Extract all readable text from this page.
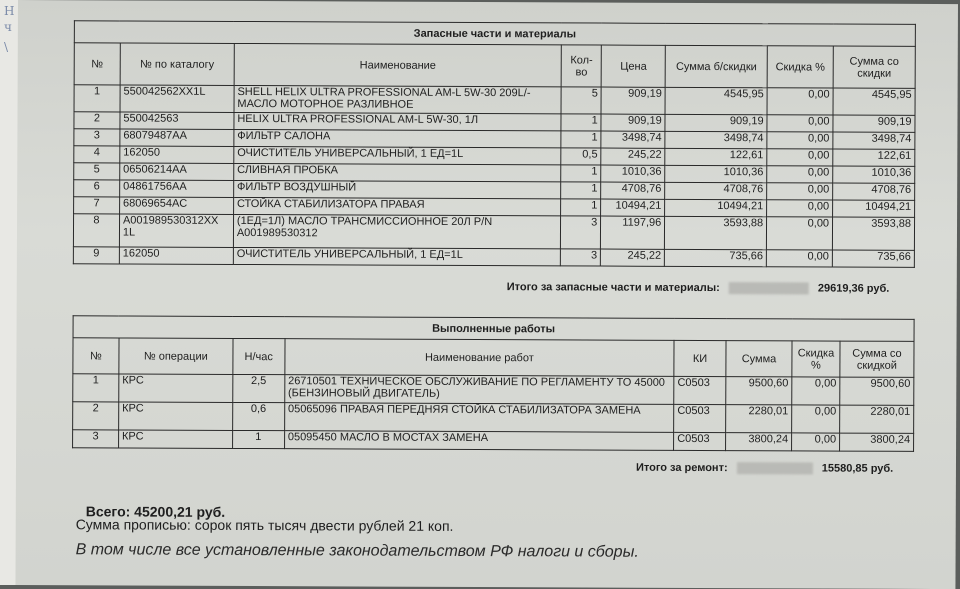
Н
ч
\
Запасные части и материалы							
№	№ по каталогу	Наименование	Кол-во	Цена	Сумма б/скидки	Скидка %	Сумма со скидки
1	550042562XX1L	SHELL HELIX ULTRA PROFESSIONAL AM-L 5W-30 209L/-МАСЛО МОТОРНОЕ РАЗЛИВНОЕ	5	909,19	4545,95	0,00	4545,95
2	550042563	HELIX ULTRA PROFESSIONAL AM-L 5W-30, 1Л	1	909,19	909,19	0,00	909,19
3	68079487AA	ФИЛЬТР САЛОНА	1	3498,74	3498,74	0,00	3498,74
4	162050	ОЧИСТИТЕЛЬ УНИВЕРСАЛЬНЫЙ, 1 ЕД=1L	0,5	245,22	122,61	0,00	122,61
5	06506214AA	СЛИВНАЯ ПРОБКА	1	1010,36	1010,36	0,00	1010,36
6	04861756AA	ФИЛЬТР ВОЗДУШНЫЙ	1	4708,76	4708,76	0,00	4708,76
7	68069654AC	СТОЙКА СТАБИЛИЗАТОРА ПРАВАЯ	1	10494,21	10494,21	0,00	10494,21
8	A001989530312XX 1L	(1ЕД=1Л) МАСЛО ТРАНСМИССИОННОЕ 20Л P/N A001989530312	3	1197,96	3593,88	0,00	3593,88
9	162050	ОЧИСТИТЕЛЬ УНИВЕРСАЛЬНЫЙ, 1 ЕД=1L	3	245,22	735,66	0,00	735,66
Итого за запасные части и материалы:	29619,36 руб.
Выполненные работы							
№	№ операции	Н/час	Наименование работ	КИ	Сумма	Скидка %	Сумма со скидкой
1	КРС	2,5	26710501 ТЕХНИЧЕСКОЕ ОБСЛУЖИВАНИЕ ПО РЕГЛАМЕНТУ ТО 45000 (БЕНЗИНОВЫЙ ДВИГАТЕЛЬ)	C0503	9500,60	0,00	9500,60
2	КРС	0,6	05065096 ПРАВАЯ ПЕРЕДНЯЯ СТОЙКА СТАБИЛИЗАТОРА ЗАМЕНА	C0503	2280,01	0,00	2280,01
3	КРС	1	05095450 МАСЛО В МОСТАХ ЗАМЕНА	C0503	3800,24	0,00	3800,24
Итого за ремонт:	15580,85 руб.
Всего: 45200,21 руб.
Сумма прописью: сорок пять тысяч двести рублей 21 коп.
В том числе все установленные законодательством РФ налоги и сборы.
